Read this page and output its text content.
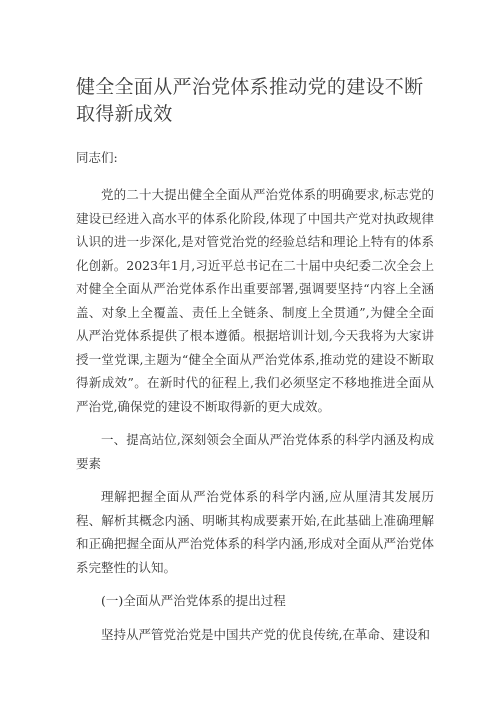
健全全面从严治党体系推动党的建设不断取得新成效

同志们:

党的二十大提出健全全面从严治党体系的明确要求,标志党的建设已经进入高水平的体系化阶段,体现了中国共产党对执政规律认识的进一步深化,是对管党治党的经验总结和理论上特有的体系化创新。2023年1月,习近平总书记在二十届中央纪委二次全会上对健全全面从严治党体系作出重要部署,强调要坚持“内容上全涵盖、对象上全覆盖、责任上全链条、制度上全贯通”,为健全全面从严治党体系提供了根本遵循。根据培训计划,今天我将为大家讲授一堂党课,主题为“健全全面从严治党体系,推动党的建设不断取得新成效”。在新时代的征程上,我们必须坚定不移地推进全面从严治党,确保党的建设不断取得新的更大成效。

一、提高站位,深刻领会全面从严治党体系的科学内涵及构成要素

理解把握全面从严治党体系的科学内涵,应从厘清其发展历程、解析其概念内涵、明晰其构成要素开始,在此基础上准确理解和正确把握全面从严治党体系的科学内涵,形成对全面从严治党体系完整性的认知。

(一)全面从严治党体系的提出过程

坚持从严管党治党是中国共产党的优良传统,在革命、建设和
